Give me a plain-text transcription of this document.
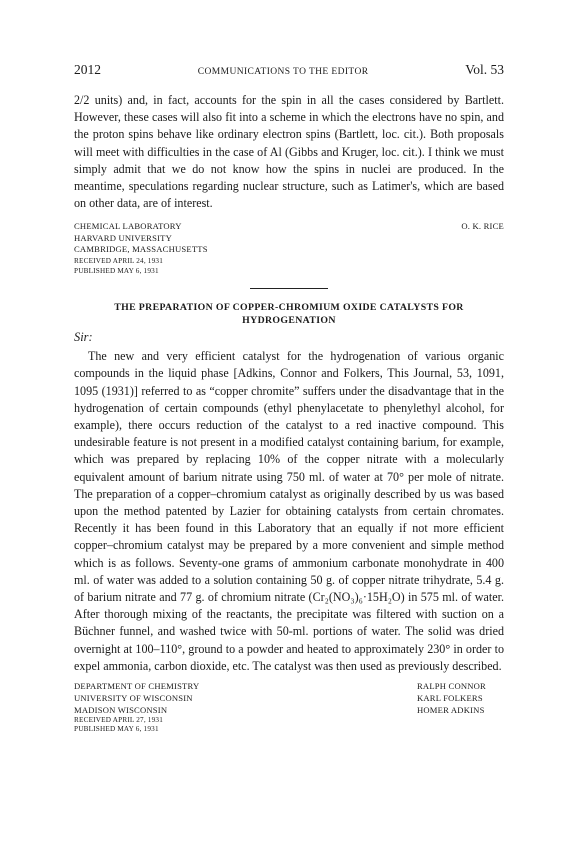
2012	COMMUNICATIONS TO THE EDITOR	Vol. 53

2/2 units) and, in fact, accounts for the spin in all the cases considered by Bartlett. However, these cases will also fit into a scheme in which the electrons have no spin, and the proton spins behave like ordinary electron spins (Bartlett, loc. cit.). Both proposals will meet with difficulties in the case of Al (Gibbs and Kruger, loc. cit.). I think we must simply admit that we do not know how the spins in nuclei are produced. In the meantime, speculations regarding nuclear structure, such as Latimer's, which are based on other data, are of interest.

CHEMICAL LABORATORY
HARVARD UNIVERSITY
CAMBRIDGE, MASSACHUSETTS
RECEIVED APRIL 24, 1931
PUBLISHED MAY 6, 1931
O. K. RICE
THE PREPARATION OF COPPER-CHROMIUM OXIDE CATALYSTS FOR HYDROGENATION
Sir:

The new and very efficient catalyst for the hydrogenation of various organic compounds in the liquid phase [Adkins, Connor and Folkers, This Journal, 53, 1091, 1095 (1931)] referred to as “copper chromite” suffers under the disadvantage that in the hydrogenation of certain compounds (ethyl phenylacetate to phenylethyl alcohol, for example), there occurs reduction of the catalyst to a red inactive compound. This undesirable feature is not present in a modified catalyst containing barium, for example, which was prepared by replacing 10% of the copper nitrate with a molecularly equivalent amount of barium nitrate using 750 ml. of water at 70° per mole of nitrate. The preparation of a copper–chromium catalyst as originally described by us was based upon the method patented by Lazier for obtaining catalysts from certain chromates. Recently it has been found in this Laboratory that an equally if not more efficient copper–chromium catalyst may be prepared by a more convenient and simple method which is as follows. Seventy-one grams of ammonium carbonate monohydrate in 400 ml. of water was added to a solution containing 50 g. of copper nitrate trihydrate, 5.4 g. of barium nitrate and 77 g. of chromium nitrate (Cr₂(NO₃)₆·15H₂O) in 575 ml. of water. After thorough mixing of the reactants, the precipitate was filtered with suction on a Büchner funnel, and washed twice with 50-ml. portions of water. The solid was dried overnight at 100–110°, ground to a powder and heated to approximately 230° in order to expel ammonia, carbon dioxide, etc. The catalyst was then used as previously described.

DEPARTMENT OF CHEMISTRY
UNIVERSITY OF WISCONSIN
MADISON WISCONSIN
RECEIVED APRIL 27, 1931
PUBLISHED MAY 6, 1931
RALPH CONNOR
KARL FOLKERS
HOMER ADKINS
